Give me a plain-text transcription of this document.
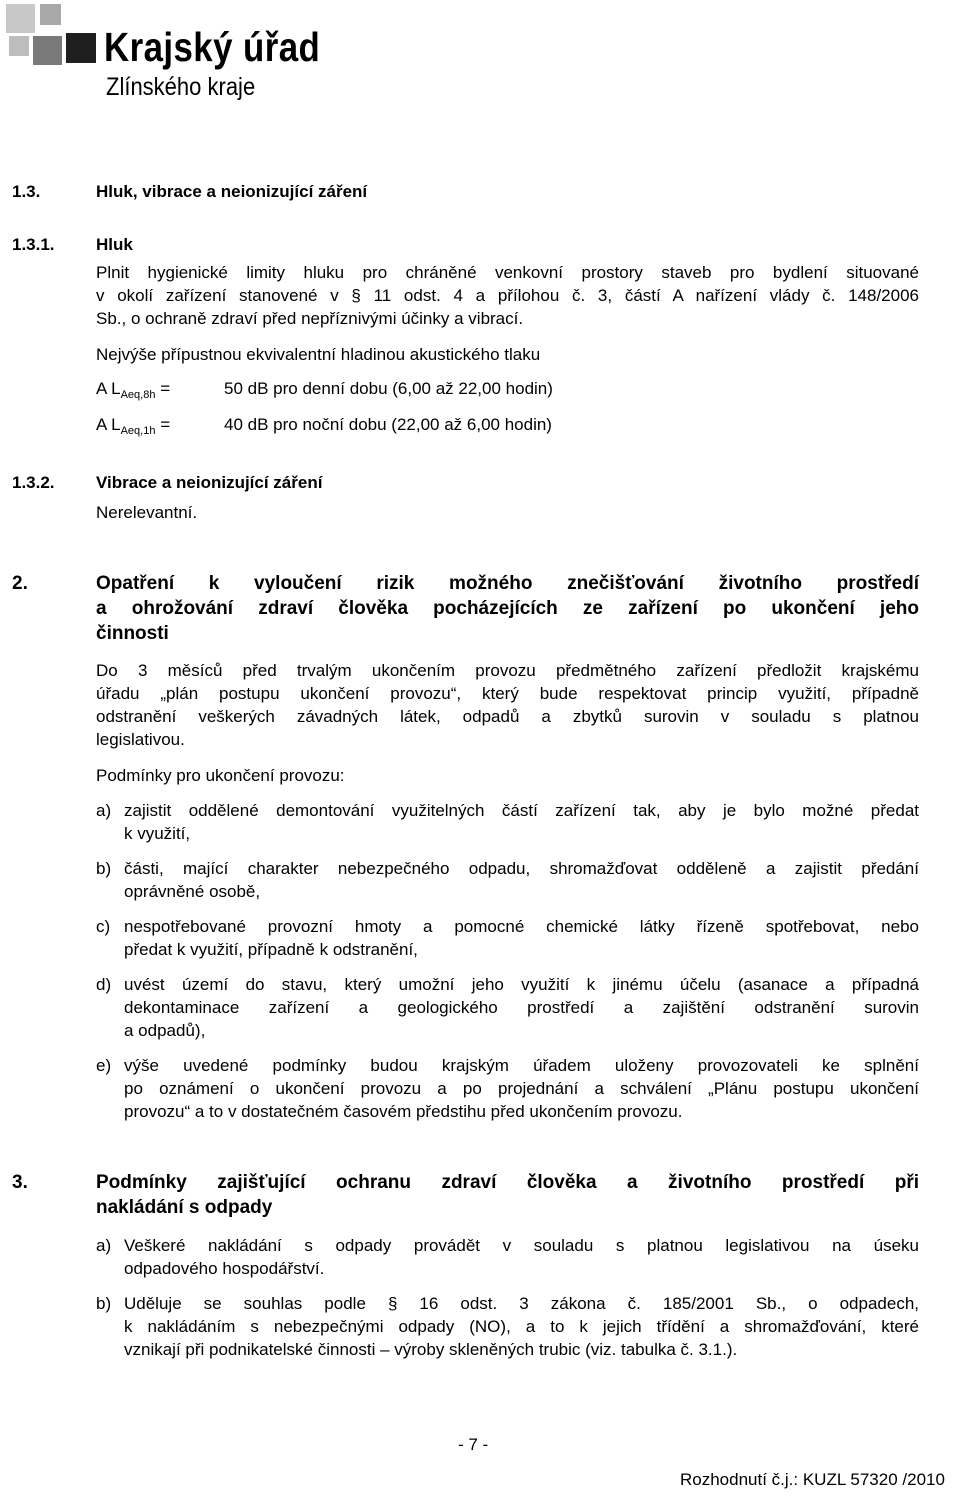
Krajský úřad
Zlínského kraje
1.3.	Hluk, vibrace a neionizující záření
1.3.1. Hluk
Plnit hygienické limity hluku pro chráněné venkovní prostory staveb pro bydlení situované
v okolí zařízení stanovené v § 11 odst. 4 a přílohou č. 3, částí A nařízení vlády č. 148/2006
Sb., o ochraně zdraví před nepříznivými účinky a vibrací.
Nejvýše přípustnou ekvivalentní hladinou akustického tlaku
A $L_{Aeq,8h}$ =	50 dB pro denní dobu (6,00 až 22,00 hodin)
A $L_{Aeq,1h}$ =	40 dB pro noční dobu (22,00 až 6,00 hodin)
1.3.2. Vibrace a neionizující záření
Nerelevantní.
2.	Opatření k vyloučení rizik možného znečišťování životního prostředí
a ohrožování zdraví člověka pocházejících ze zařízení po ukončení jeho
činnosti
Do 3 měsíců před trvalým ukončením provozu předmětného zařízení předložit krajskému
úřadu „plán postupu ukončení provozu“, který bude respektovat princip využití, případně
odstranění veškerých závadných látek, odpadů a zbytků surovin v souladu s platnou
legislativou.
Podmínky pro ukončení provozu:
a) zajistit oddělené demontování využitelných částí zařízení tak, aby je bylo možné předat
k využití,
b) části, mající charakter nebezpečného odpadu, shromažďovat odděleně a zajistit předání
oprávněné osobě,
c) nespotřebované provozní hmoty a pomocné chemické látky řízeně spotřebovat, nebo
předat k využití, případně k odstranění,
d) uvést území do stavu, který umožní jeho využití k jinému účelu (asanace a případná
dekontaminace zařízení a geologického prostředí a zajištění odstranění surovin
a odpadů),
e) výše uvedené podmínky budou krajským úřadem uloženy provozovateli ke splnění
po oznámení o ukončení provozu a po projednání a schválení „Plánu postupu ukončení
provozu“ a to v dostatečném časovém předstihu před ukončením provozu.
3.	Podmínky zajišťující ochranu zdraví člověka a životního prostředí při
nakládání s odpady
a) Veškeré nakládání s odpady provádět v souladu s platnou legislativou na úseku
odpadového hospodářství.
b) Uděluje se souhlas podle § 16 odst. 3 zákona č. 185/2001 Sb., o odpadech,
k nakládáním s nebezpečnými odpady (NO), a to k jejich třídění a shromažďování, které
vznikají při podnikatelské činnosti – výroby skleněných trubic (viz. tabulka č. 3.1.).
- 7 -
Rozhodnutí č.j.: KUZL 57320 /2010
